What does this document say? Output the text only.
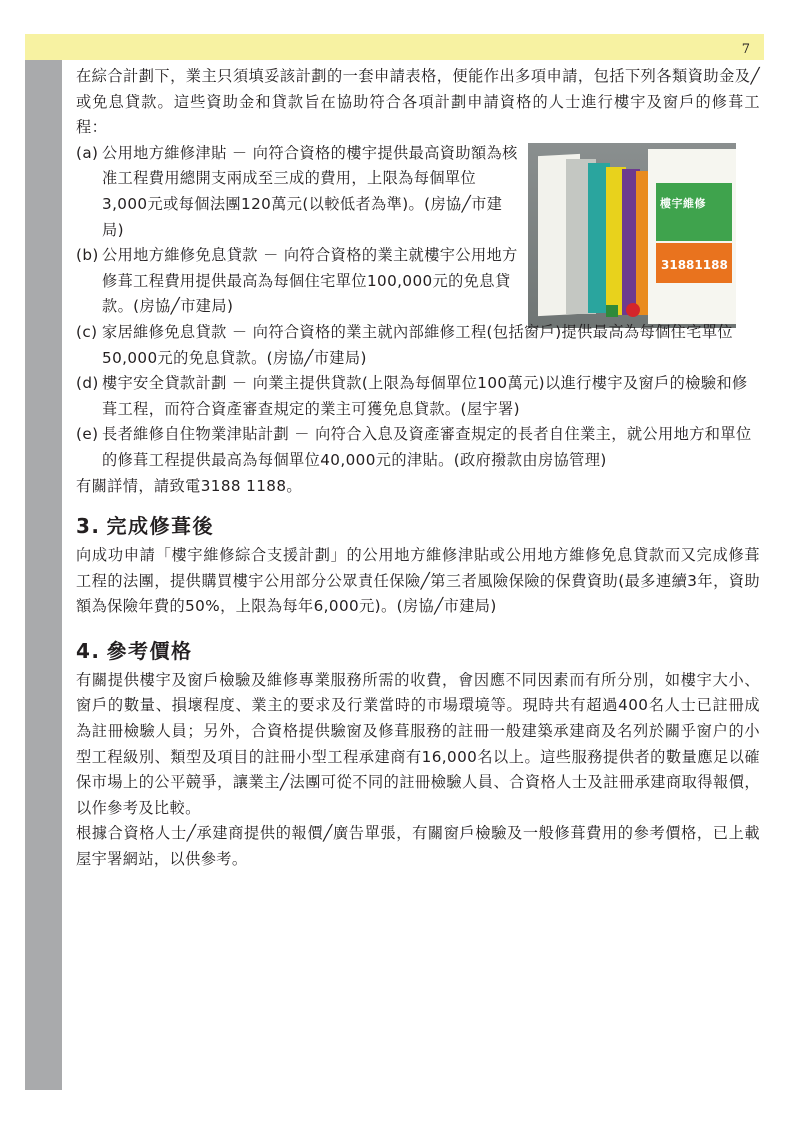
7
樓宇維修
31881188

在綜合計劃下，業主只須填妥該計劃的一套申請表格，便能作出多項申請，包括下列各類資助金及╱或免息貸款。這些資助金和貸款旨在協助符合各項計劃申請資格的人士進行樓宇及窗戶的修葺工程：

(a) 公用地方維修津貼 － 向符合資格的樓宇提供最高資助額為核准工程費用總開支兩成至三成的費用，上限為每個單位3,000元或每個法團120萬元(以較低者為準)。(房協╱市建局)
(b) 公用地方維修免息貸款 － 向符合資格的業主就樓宇公用地方修葺工程費用提供最高為每個住宅單位100,000元的免息貸款。(房協╱市建局)
(c) 家居維修免息貸款 － 向符合資格的業主就內部維修工程(包括窗戶)提供最高為每個住宅單位50,000元的免息貸款。(房協╱市建局)
(d) 樓宇安全貸款計劃 － 向業主提供貸款(上限為每個單位100萬元)以進行樓宇及窗戶的檢驗和修葺工程，而符合資產審查規定的業主可獲免息貸款。(屋宇署)
(e) 長者維修自住物業津貼計劃 － 向符合入息及資產審查規定的長者自住業主，就公用地方和單位的修葺工程提供最高為每個單位40,000元的津貼。(政府撥款由房協管理)

有關詳情，請致電3188 1188。

3. 完成修葺後

向成功申請「樓宇維修綜合支援計劃」的公用地方維修津貼或公用地方維修免息貸款而又完成修葺工程的法團，提供購買樓宇公用部分公眾責任保險╱第三者風險保險的保費資助(最多連續3年，資助額為保險年費的50%，上限為每年6,000元)。(房協╱市建局)

4. 參考價格

有關提供樓宇及窗戶檢驗及維修專業服務所需的收費，會因應不同因素而有所分別，如樓宇大小、窗戶的數量、損壞程度、業主的要求及行業當時的市場環境等。現時共有超過400名人士已註冊成為註冊檢驗人員；另外，合資格提供驗窗及修葺服務的註冊一般建築承建商及名列於關乎窗户的小型工程級別、類型及項目的註冊小型工程承建商有16,000名以上。這些服務提供者的數量應足以確保市場上的公平競爭，讓業主╱法團可從不同的註冊檢驗人員、合資格人士及註冊承建商取得報價，以作參考及比較。

根據合資格人士╱承建商提供的報價╱廣告單張，有關窗戶檢驗及一般修葺費用的參考價格，已上載屋宇署網站，以供參考。
